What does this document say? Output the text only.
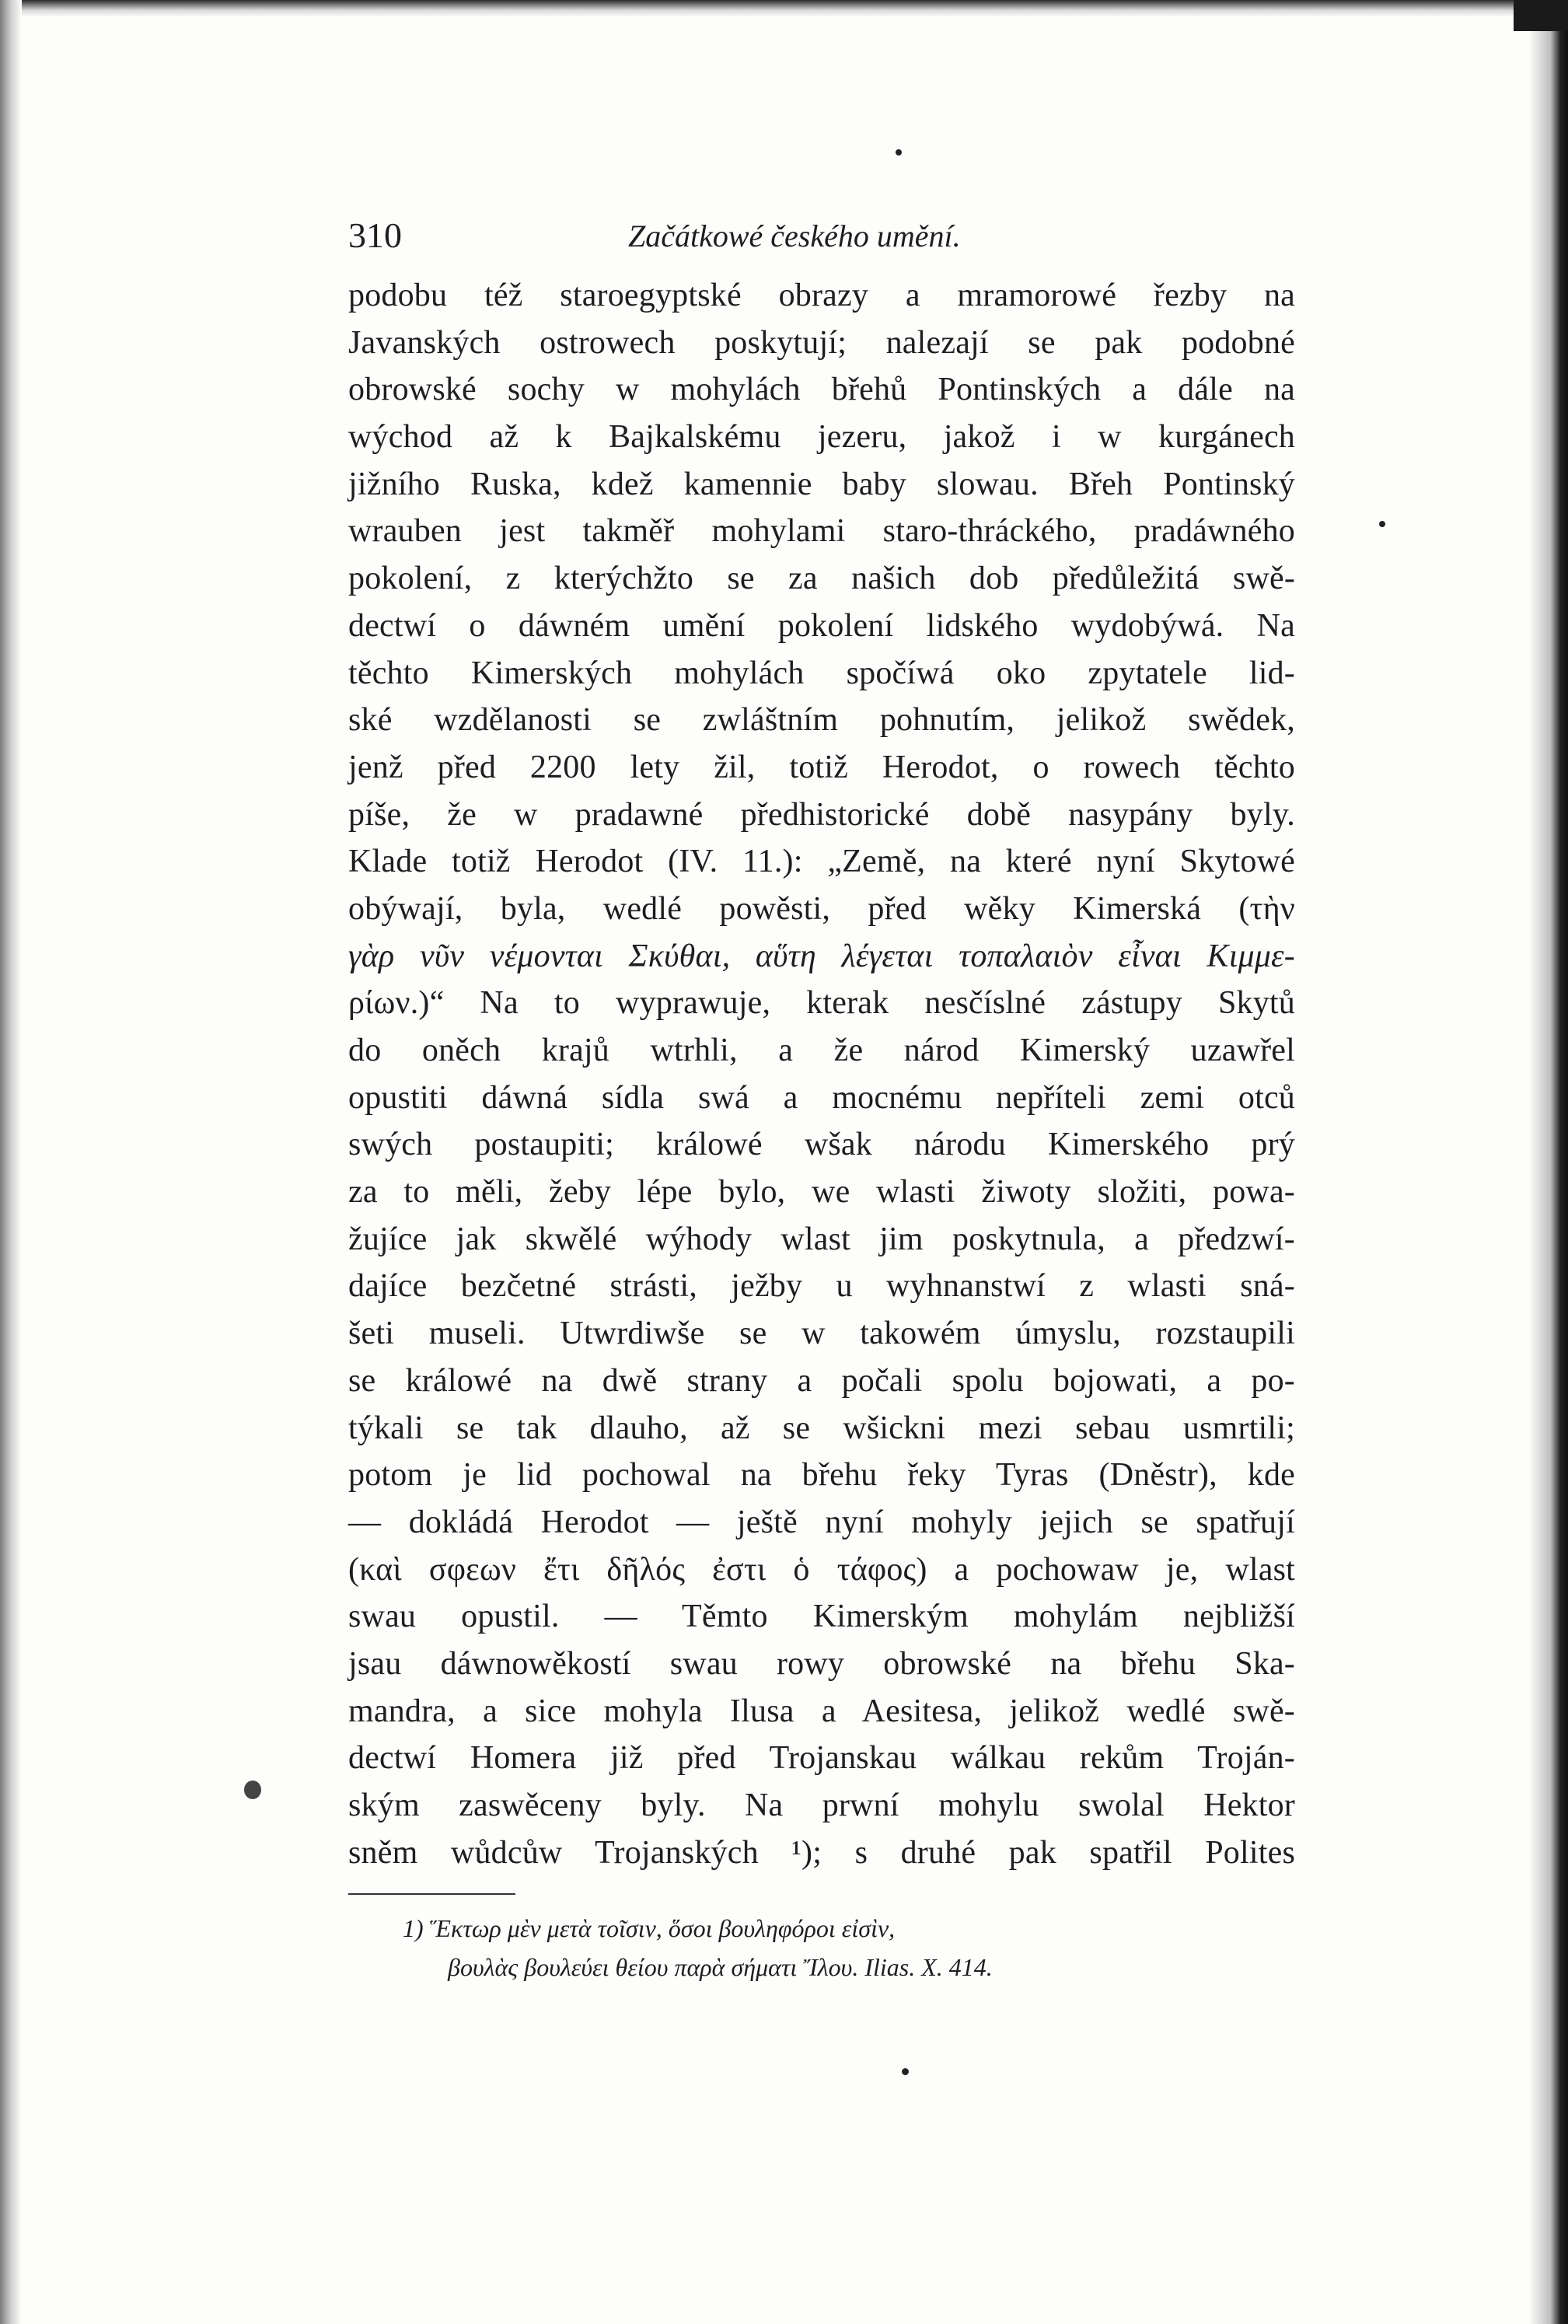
310	Začátkowé českého umění.
podobu též staroegyptské obrazy a mramorowé řezby na
Javanských ostrowech poskytují; nalezají se pak podobné
obrowské sochy w mohylách břehů Pontinských a dále na
wýchod až k Bajkalskému jezeru, jakož i w kurgánech
jižního Ruska, kdež kamennie baby slowau. Břeh Pontinský
wrauben jest takměř mohylami staro-thráckého, pradáwného
pokolení, z kterýchžto se za našich dob předůležitá swě-
dectwí o dáwném umění pokolení lidského wydobýwá. Na
těchto Kimerských mohylách spočíwá oko zpytatele lid-
ské wzdělanosti se zwláštním pohnutím, jelikož swědek,
jenž před 2200 lety žil, totiž Herodot, o rowech těchto
píše, že w pradawné předhistorické době nasypány byly.
Klade totiž Herodot (IV. 11.): „Země, na které nyní Skytowé
obýwají, byla, wedlé powěsti, před wěky Kimerská (τὴν
γὰρ νῦν νέμονται Σκύθαι, αὕτη λέγεται τοπαλαιὸν εἶναι Κιμμε-
ρίων.)“ Na to wyprawuje, kterak nesčíslné zástupy Skytů
do oněch krajů wtrhli, a že národ Kimerský uzawřel
opustiti dáwná sídla swá a mocnému nepříteli zemi otců
swých postaupiti; králowé wšak národu Kimerského prý
za to měli, žeby lépe bylo, we wlasti žiwoty složiti, powa-
žujíce jak skwělé wýhody wlast jim poskytnula, a předzwí-
dajíce bezčetné strásti, ježby u wyhnanstwí z wlasti sná-
šeti museli. Utwrdiwše se w takowém úmyslu, rozstaupili
se králowé na dwě strany a počali spolu bojowati, a po-
týkali se tak dlauho, až se wšickni mezi sebau usmrtili;
potom je lid pochowal na břehu řeky Tyras (Dněstr), kde
— dokládá Herodot — ještě nyní mohyly jejich se spatřují
(καὶ σφεων ἔτι δῆλός ἐστι ὁ τάφος) a pochowaw je, wlast
swau opustil. — Těmto Kimerským mohylám nejbližší
jsau dáwnowěkostí swau rowy obrowské na břehu Ska-
mandra, a sice mohyla Ilusa a Aesitesa, jelikož wedlé swě-
dectwí Homera již před Trojanskau wálkau rekům Troján-
ským zaswěceny byly. Na prwní mohylu swolal Hektor
sněm wůdcůw Trojanských ¹); s druhé pak spatřil Polites
1) Ἕκτωρ μὲν μετὰ τοῖσιν, ὅσοι βουληφόροι εἰσὶν,
βουλὰς βουλεύει θείου παρὰ σήματι Ἴλου. Ilias. X. 414.
